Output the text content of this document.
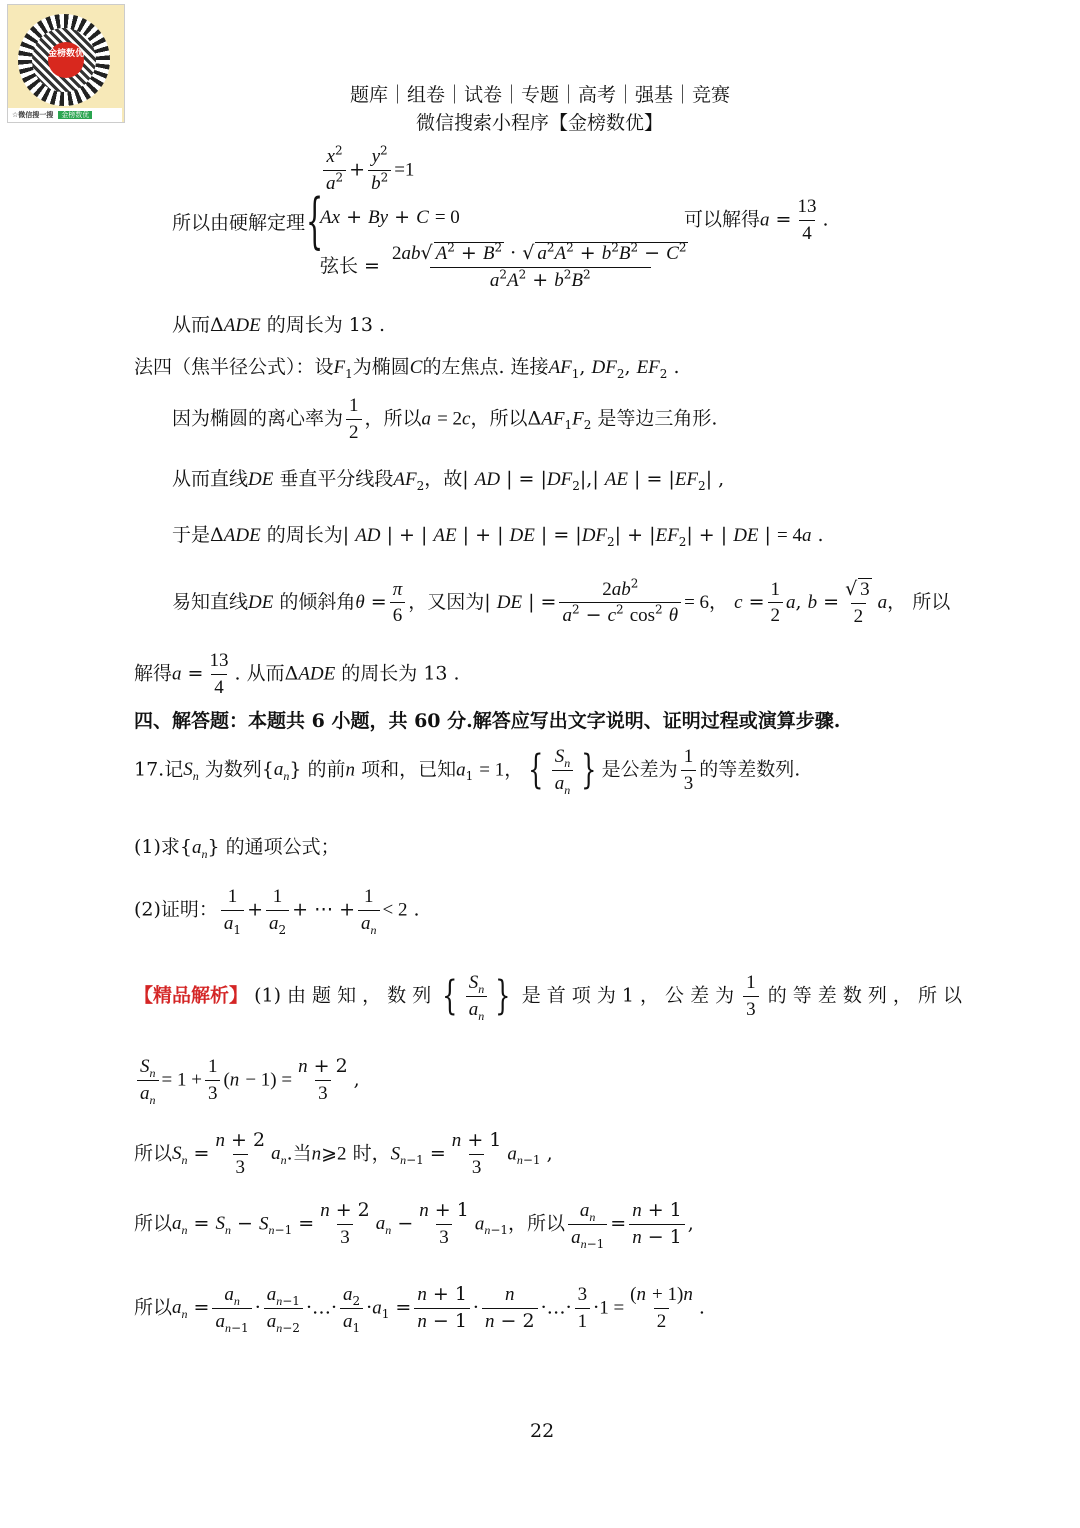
金榜数优
☆微信搜一搜 金榜数优
题库｜组卷｜试卷｜专题｜高考｜强基｜竞赛
微信搜索小程序【金榜数优】
所以由硬解定理 {
$\frac{x^2}{a^2} + \frac{y^2}{b^2} =1$
Ax + By + C = 0
弦长 = $\frac{2ab√ A^2 + B^2 \cdot √ a^2A^2 + b^2B^2 - C^2}{a^2A^2 + b^2B^2}$
可以解得$a = \frac{13}{4}$ .
从而ΔADE 的周长为 13 .
法四（焦半径公式）：设$F_1$为椭圆C的左焦点. 连接$AF_1$, $DF_2$, $EF_2$ .
因为椭圆的离心率为 $\frac{1}{2}$ ，所以a = 2c，所以$\Delta AF_1F_2$ 是等边三角形.
从而直线DE 垂直平分线段$AF_2$，故| AD | = $|DF_2|,|$ AE | = $|EF_2|$ ,
于是ΔADE 的周长为| AD | + | AE | + | DE | = $|DF_2| + |EF_2|$ + | DE | = 4a .
易知直线DE 的倾斜角$\theta = \frac{\pi}{6}$ ，又因为| DE | = $\frac{2ab^2}{a^2 - c^2 \cos^2 \theta} = 6$， $c = \frac{1}{2} a$, $b = \frac{√ 3}{2}$ a， 所以
解得$a = \frac{13}{4}$ . 从而ΔADE 的周长为 13 .
四、解答题：本题共 6 小题，共 60 分.解答应写出文字说明、证明过程或演算步骤.
17.记$S_n$ 为数列$\{a_n\}$ 的前n 项和，已知$a_1 = 1$， { $\frac{S_n}{a_n}$ } 是公差为 $\frac{1}{3}$ 的等差数列.
(1)求$\{a_n\}$ 的通项公式；
(2)证明： $\frac{1}{a_1} + \frac{1}{a_2}$ + ⋯ + $\frac{1}{a_n} < 2$ .
【精品解析】 (1) 由 题 知 ， 数 列 { $\frac{S_n}{a_n}$ } 是 首 项 为 1 ， 公 差 为 $\frac{1}{3}$ 的 等 差 数 列 ， 所 以
$\frac{S_n}{a_n} = 1 + \frac{1}{3} (n - 1) = \frac{n + 2}{3}$ ,
所以$S_n = \frac{n + 2}{3} a_n$.当n⩾2 时，$S_{n-1} = \frac{n + 1}{3} a_{n-1}$ ,
所以$a_n = S_n - S_{n-1} = \frac{n + 2}{3} a_n - \frac{n + 1}{3} a_{n-1}$，所以 $\frac{a_n}{a_{n-1}} = \frac{n + 1}{n - 1}$ ,
所以$a_n = \frac{a_n}{a_{n-1}} \cdot \frac{a_{n-1}}{a_{n-2}}$ ·…· $\frac{a_2}{a_1} \cdot a_1 = \frac{n + 1}{n - 1} \cdot \frac{n}{n - 2}$ ·…· $\frac{3}{1} \cdot 1 = \frac{(n + 1)n}{2}$ .
22
